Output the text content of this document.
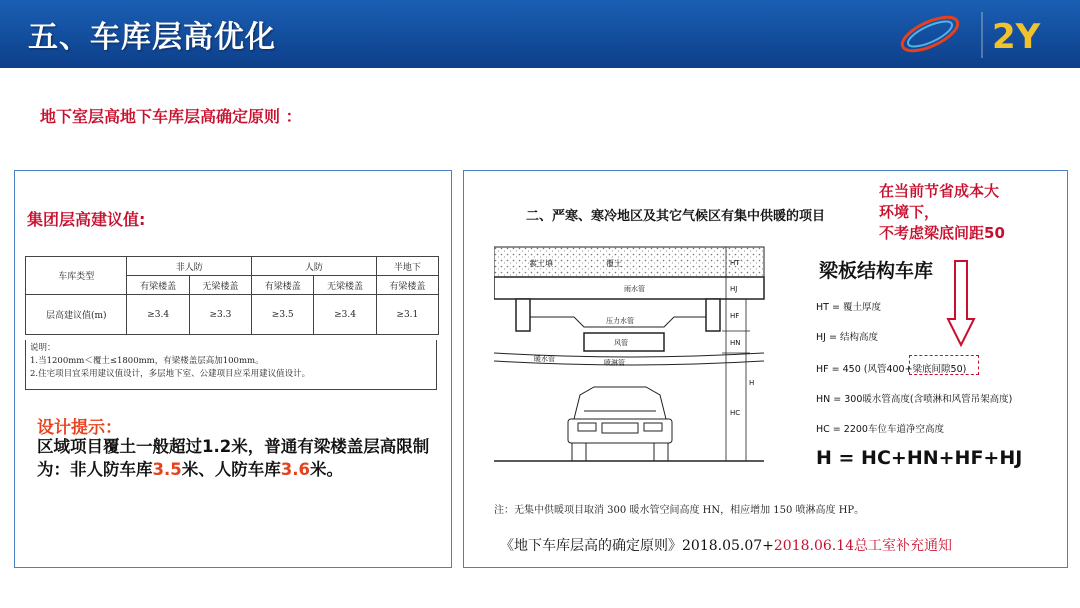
五、车库层高优化	2Y
地下室层高地下车库层高确定原则 ：
集团层高建议值:
车库类型	非人防		人防		半地下
	有梁楼盖	无梁楼盖	有梁楼盖	无梁楼盖	有梁楼盖
层高建议值(m)	≥3.4	≥3.3	≥3.5	≥3.4	≥3.1
说明：
1.当1200mm＜覆土≤1800mm，有梁楼盖层高加100mm。
2.住宅项目宜采用建议值设计，多层地下室、公建项目应采用建议值设计。
设计提示：
区域项目覆土一般超过1.2米，普通有梁楼盖层高限制为：非人防车库3.5米、人防车库3.6米。
二、严寒、寒冷地区及其它气候区有集中供暖的项目
素土填	覆土
雨水管
压力水管
风管
暖水管	喷淋管
HT
HJ
HF
HN
HC
H
在当前节省成本大
环境下，
不考虑梁底间距50
梁板结构车库
HT = 覆土厚度
HJ = 结构高度
HF = 450 (风管400+梁底间隙50)
HN = 300暖水管高度(含喷淋和风管吊架高度)
HC = 2200车位车道净空高度
H = HC+HN+HF+HJ
注：无集中供暖项目取消 300 暖水管空间高度 HN，相应增加 150 喷淋高度 HP。
《地下车库层高的确定原则》2018.05.07+2018.06.14总工室补充通知
